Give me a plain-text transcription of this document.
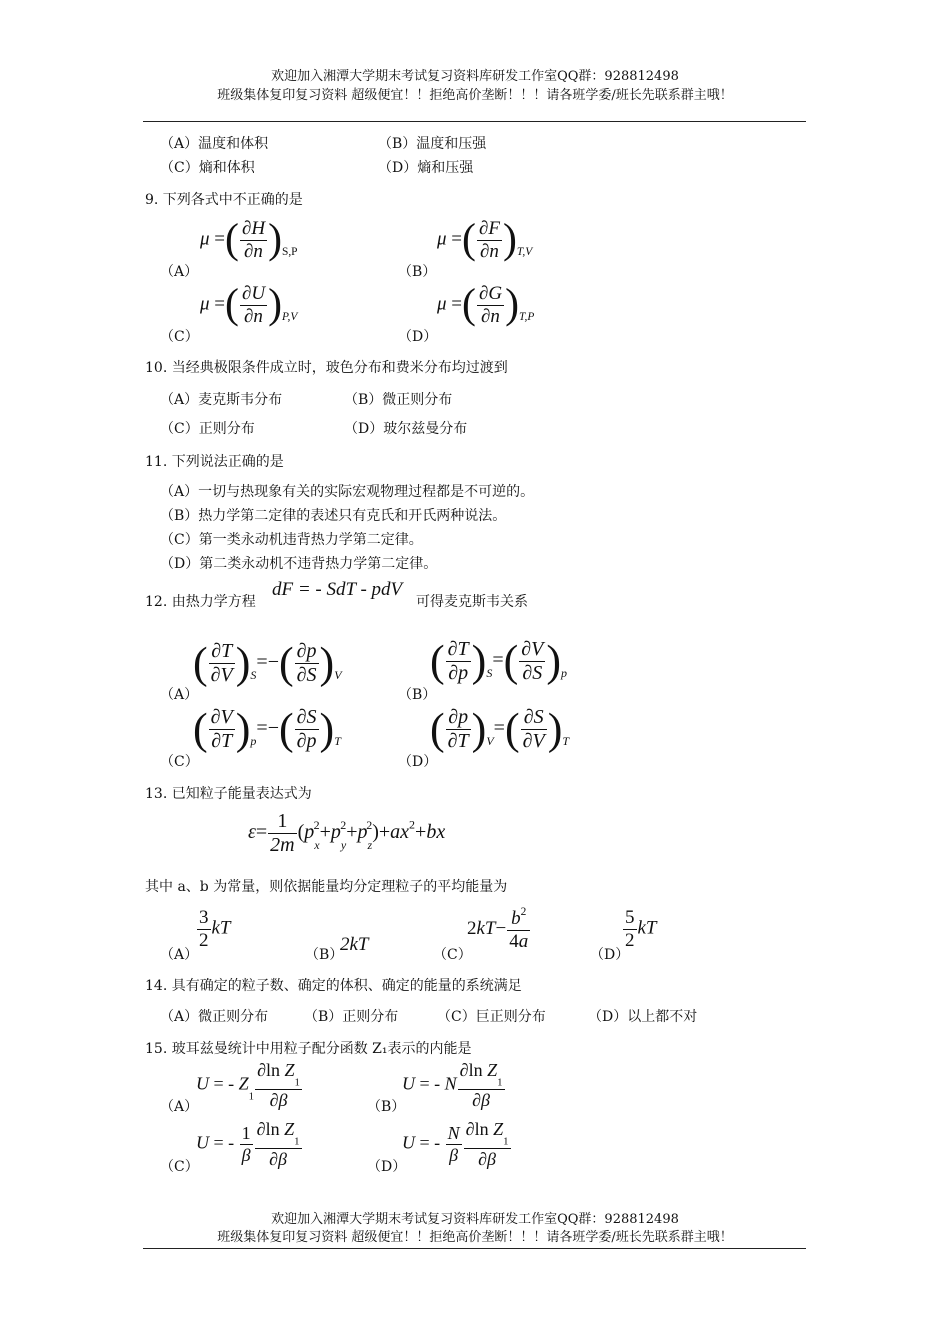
欢迎加入湘潭大学期末考试复习资料库研发工作室QQ群：928812498
班级集体复印复习资料 超级便宜！！拒绝高价垄断！！！请各班学委/班长先联系群主哦！
（A）温度和体积	（B）温度和压强
（C）熵和体积	（D）熵和压强
9. 下列各式中不正确的是
（A）
μ =( $\frac{\partial H}{\partial n} )_{S,P}$
（B）
μ =( $\frac{\partial F}{\partial n} )_{T,V}$
（C）
μ =( $\frac{\partial U}{\partial n} )_{P,V}$
（D）
μ =( $\frac{\partial G}{\partial n} )_{T,P}$
10. 当经典极限条件成立时，玻色分布和费米分布均过渡到
（A）麦克斯韦分布	（B）微正则分布
（C）正则分布	（D）玻尔兹曼分布
11. 下列说法正确的是
（A）一切与热现象有关的实际宏观物理过程都是不可逆的。
（B）热力学第二定律的表述只有克氏和开氏两种说法。
（C）第一类永动机违背热力学第二定律。
（D）第二类永动机不违背热力学第二定律。
12. 由热力学方程
dF = - SdT - pdV
可得麦克斯韦关系
（A）
( $\frac{\partial T}{\partial V} )_S=-( \frac{\partial p}{\partial S} )_V$
（B）
( $\frac{\partial T}{\partial p} )_S=( \frac{\partial V}{\partial S} )_p$
（C）
( $\frac{\partial V}{\partial T} )_p=-( \frac{\partial S}{\partial p} )_T$
（D）
( $\frac{\partial p}{\partial T} )_V=( \frac{\partial S}{\partial V} )_T$
13. 已知粒子能量表达式为
$\varepsilon= \frac{1}{2m} (p_x^2+p_y^2+p_z^2)+ax^2+bx$
其中 a、b 为常量，则依据能量均分定理粒子的平均能量为
（A）
$\frac{3}{2}$ kT
（B）
2kT	（C）
$2kT- \frac{b^2}{4a}$
（D）
$\frac{5}{2}$ kT
14. 具有确定的粒子数、确定的体积、确定的能量的系统满足
（A）微正则分布	（B）正则分布	（C）巨正则分布	（D）以上都不对
15. 玻耳兹曼统计中用粒子配分函数 Z₁表示的内能是
（A）
U = - $Z_1 \frac{\partial\ln Z_1}{\partial\beta}$	（B）
U = - N $\frac{\partial\ln Z_1}{\partial\beta}$
（C）
U = - $\frac{1}{\beta} \frac{\partial\ln Z_1}{\partial\beta}$	（D）
U = - $\frac{N}{\beta} \frac{\partial\ln Z_1}{\partial\beta}$
欢迎加入湘潭大学期末考试复习资料库研发工作室QQ群：928812498
班级集体复印复习资料 超级便宜！！拒绝高价垄断！！！请各班学委/班长先联系群主哦！
